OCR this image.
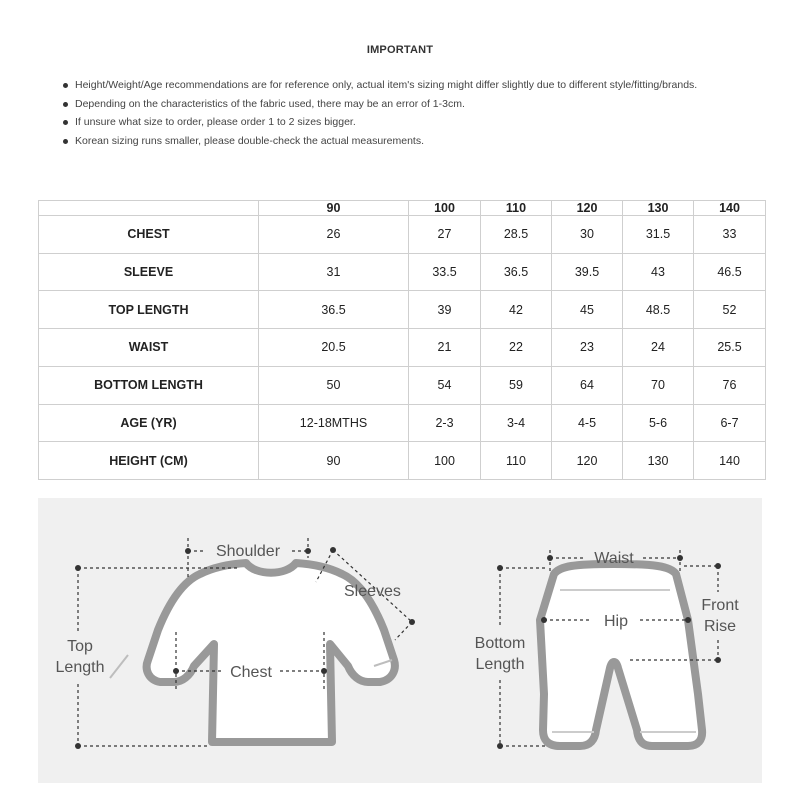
IMPORTANT
Height/Weight/Age recommendations are for reference only, actual item's sizing might differ slightly due to different style/fitting/brands.
Depending on the characteristics of the fabric used, there may be an error of 1-3cm.
If unsure what size to order, please order 1 to 2 sizes bigger.
Korean sizing runs smaller, please double-check the actual measurements.
	90	100	110	120	130	140
CHEST	26	27	28.5	30	31.5	33
SLEEVE	31	33.5	36.5	39.5	43	46.5
TOP LENGTH	36.5	39	42	45	48.5	52
WAIST	20.5	21	22	23	24	25.5
BOTTOM LENGTH	50	54	59	64	70	76
AGE (YR)	12-18MTHS	2-3	3-4	4-5	5-6	6-7
HEIGHT (CM)	90	100	110	120	130	140
Shoulder
Sleeves
Top
Length	Chest
Waist
Hip
Front
Rise
Bottom
Length
